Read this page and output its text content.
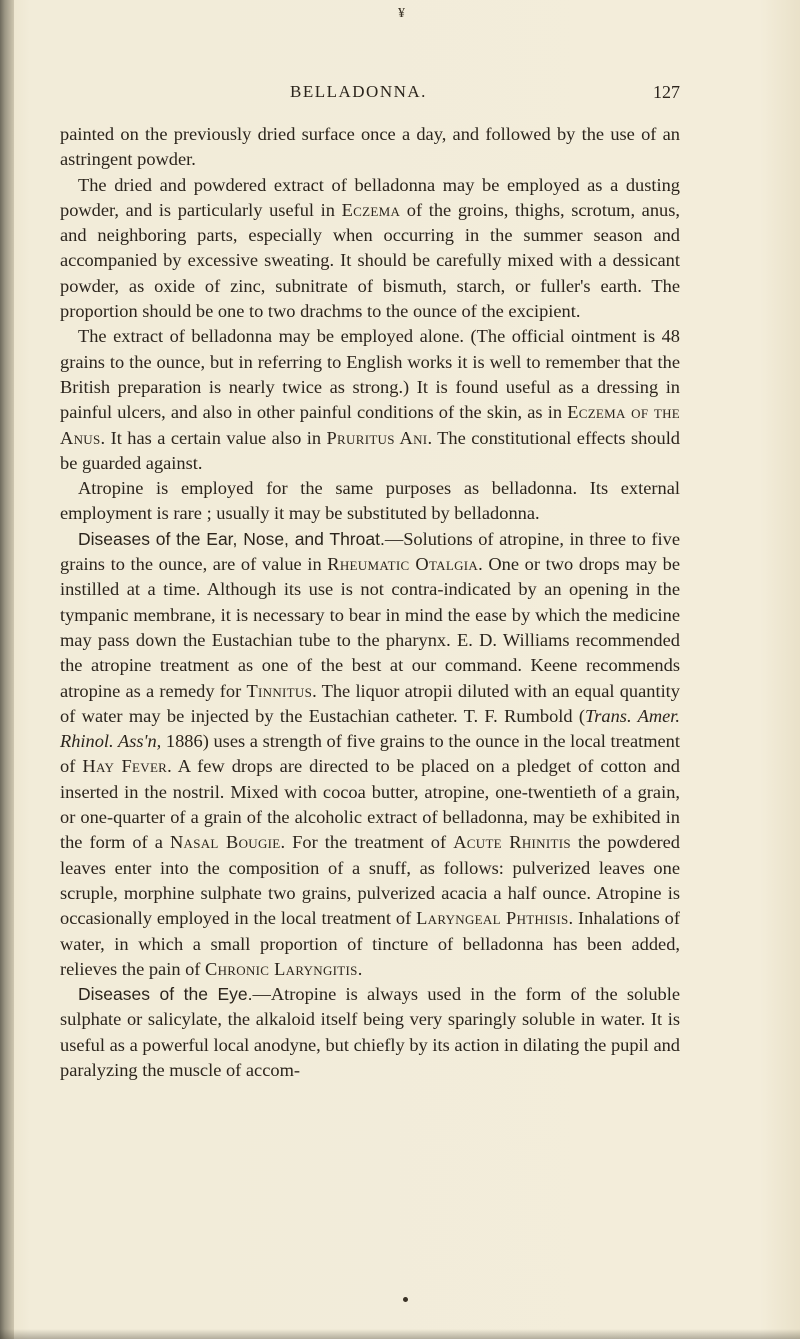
¥
BELLADONNA.	127

painted on the previously dried surface once a day, and followed by the use of an astringent powder.

The dried and powdered extract of belladonna may be employed as a dusting powder, and is particularly useful in Eczema of the groins, thighs, scrotum, anus, and neighboring parts, especially when occurring in the summer season and accompanied by excessive sweating. It should be carefully mixed with a dessicant powder, as oxide of zinc, subnitrate of bismuth, starch, or fuller's earth. The proportion should be one to two drachms to the ounce of the excipient.

The extract of belladonna may be employed alone. (The official ointment is 48 grains to the ounce, but in referring to English works it is well to remember that the British preparation is nearly twice as strong.) It is found useful as a dressing in painful ulcers, and also in other painful conditions of the skin, as in Eczema of the Anus. It has a certain value also in Pruritus Ani. The constitutional effects should be guarded against.

Atropine is employed for the same purposes as belladonna. Its external employment is rare ; usually it may be substituted by belladonna.

Diseases of the Ear, Nose, and Throat.—Solutions of atropine, in three to five grains to the ounce, are of value in Rheumatic Otalgia. One or two drops may be instilled at a time. Although its use is not contra-indicated by an opening in the tympanic membrane, it is necessary to bear in mind the ease by which the medicine may pass down the Eustachian tube to the pharynx. E. D. Williams recommended the atropine treatment as one of the best at our command. Keene recommends atropine as a remedy for Tinnitus. The liquor atropii diluted with an equal quantity of water may be injected by the Eustachian catheter. T. F. Rumbold (Trans. Amer. Rhinol. Ass'n, 1886) uses a strength of five grains to the ounce in the local treatment of Hay Fever. A few drops are directed to be placed on a pledget of cotton and inserted in the nostril. Mixed with cocoa butter, atropine, one-twentieth of a grain, or one-quarter of a grain of the alcoholic extract of belladonna, may be exhibited in the form of a Nasal Bougie. For the treatment of Acute Rhinitis the powdered leaves enter into the composition of a snuff, as follows: pulverized leaves one scruple, morphine sulphate two grains, pulverized acacia a half ounce. Atropine is occasionally employed in the local treatment of Laryngeal Phthisis. Inhalations of water, in which a small proportion of tincture of belladonna has been added, relieves the pain of Chronic Laryngitis.

Diseases of the Eye.—Atropine is always used in the form of the soluble sulphate or salicylate, the alkaloid itself being very sparingly soluble in water. It is useful as a powerful local anodyne, but chiefly by its action in dilating the pupil and paralyzing the muscle of accom-
